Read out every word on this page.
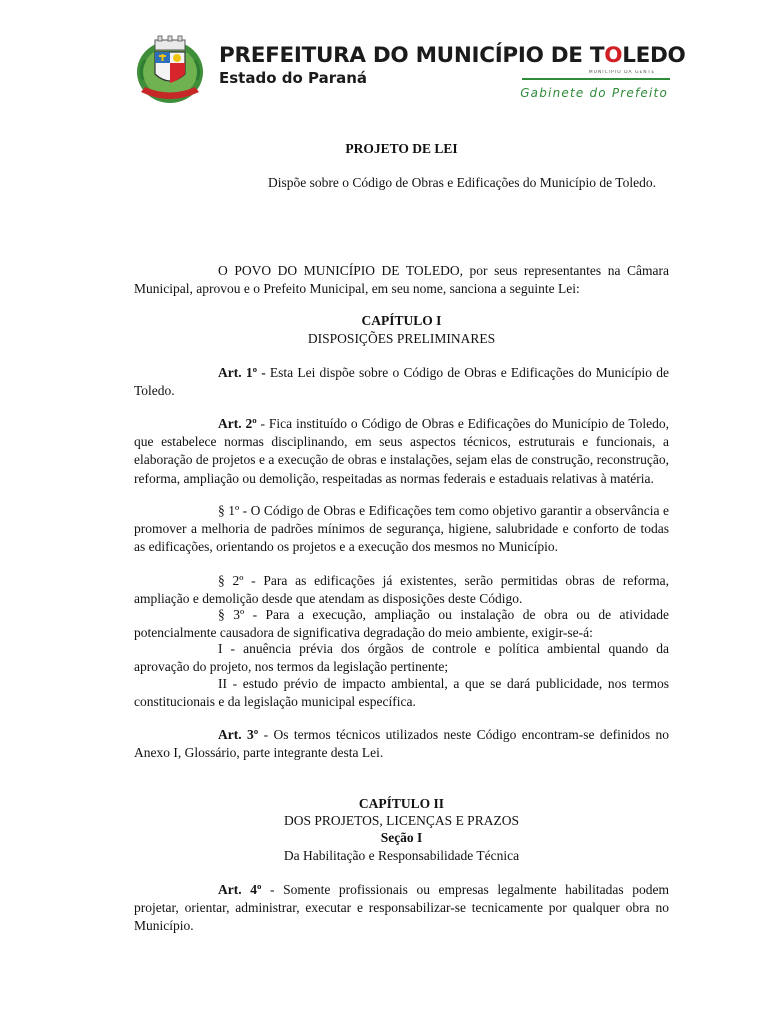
PREFEITURA DO MUNICÍPIO DE TOLEDO
Estado do Paraná	MUNICÍPIO DA GENTE
Gabinete do Prefeito

PROJETO DE LEI

Dispõe sobre o Código de Obras e Edificações do Município de Toledo.

O POVO DO MUNICÍPIO DE TOLEDO, por seus representantes na Câmara Municipal, aprovou e o Prefeito Municipal, em seu nome, sanciona a seguinte Lei:

CAPÍTULO I

DISPOSIÇÕES PRELIMINARES

Art. 1º - Esta Lei dispõe sobre o Código de Obras e Edificações do Município de Toledo.

Art. 2º - Fica instituído o Código de Obras e Edificações do Município de Toledo, que estabelece normas disciplinando, em seus aspectos técnicos, estruturais e funcionais, a elaboração de projetos e a execução de obras e instalações, sejam elas de construção, reconstrução, reforma, ampliação ou demolição, respeitadas as normas federais e estaduais relativas à matéria.

§ 1º - O Código de Obras e Edificações tem como objetivo garantir a observância e promover a melhoria de padrões mínimos de segurança, higiene, salubridade e conforto de todas as edificações, orientando os projetos e a execução dos mesmos no Município.

§ 2º - Para as edificações já existentes, serão permitidas obras de reforma, ampliação e demolição desde que atendam as disposições deste Código.

§ 3º - Para a execução, ampliação ou instalação de obra ou de atividade potencialmente causadora de significativa degradação do meio ambiente, exigir-se-á:

I - anuência prévia dos órgãos de controle e política ambiental quando da aprovação do projeto, nos termos da legislação pertinente;

II - estudo prévio de impacto ambiental, a que se dará publicidade, nos termos constitucionais e da legislação municipal específica.

Art. 3º - Os termos técnicos utilizados neste Código encontram-se definidos no Anexo I, Glossário, parte integrante desta Lei.

CAPÍTULO II

DOS PROJETOS, LICENÇAS E PRAZOS

Seção I

Da Habilitação e Responsabilidade Técnica

Art. 4º - Somente profissionais ou empresas legalmente habilitadas podem projetar, orientar, administrar, executar e responsabilizar-se tecnicamente por qualquer obra no Município.
